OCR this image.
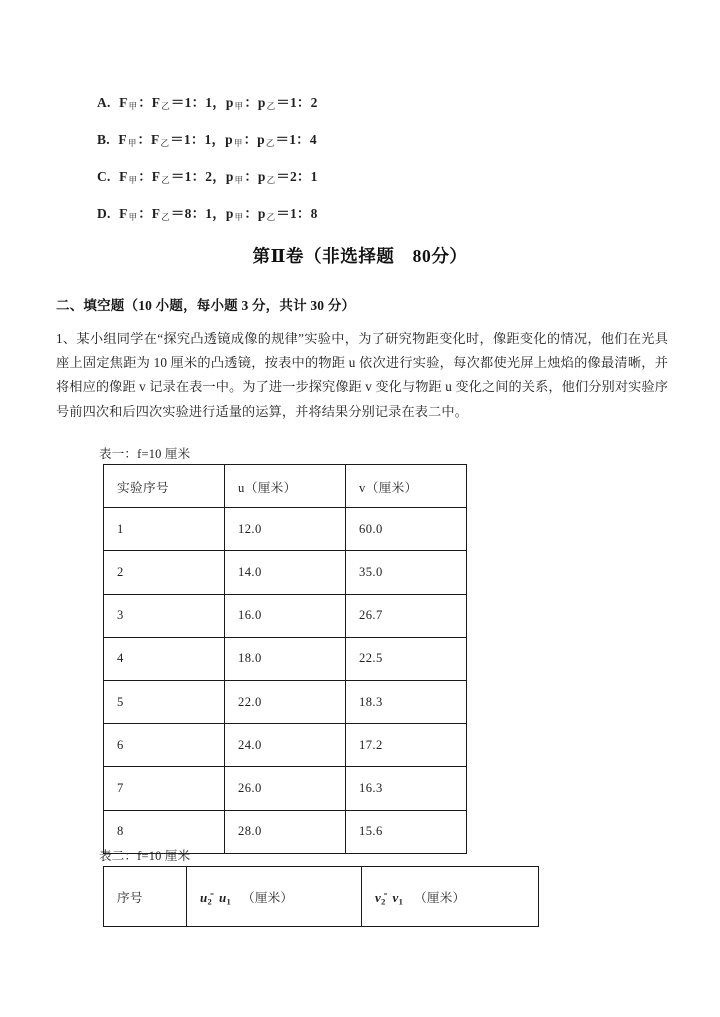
A. F甲：F乙＝1：1，p甲：p乙＝1：2
B. F甲：F乙＝1：1，p甲：p乙＝1：4
C. F甲：F乙＝1：2，p甲：p乙＝2：1
D. F甲：F乙＝8：1，p甲：p乙＝1：8
第Ⅱ卷（非选择题　80分）
二、填空题（10 小题，每小题 3 分，共计 30 分）
1、某小组同学在“探究凸透镜成像的规律”实验中，为了研究物距变化时，像距变化的情况，他们在光具座上固定焦距为 10 厘米的凸透镜，按表中的物距 u 依次进行实验，每次都使光屏上烛焰的像最清晰，并将相应的像距 v 记录在表一中。为了进一步探究像距 v 变化与物距 u 变化之间的关系，他们分别对实验序号前四次和后四次实验进行适量的运算，并将结果分别记录在表二中。
表一：f=10 厘米
实验序号	u（厘米）	v（厘米）
1	12.0	60.0
2	14.0	35.0
3	16.0	26.7
4	18.0	22.5
5	22.0	18.3
6	24.0	17.2
7	26.0	16.3
8	28.0	15.6
表二：f=10 厘米
序号	u2- u1 （厘米）	v2- v1 （厘米）
